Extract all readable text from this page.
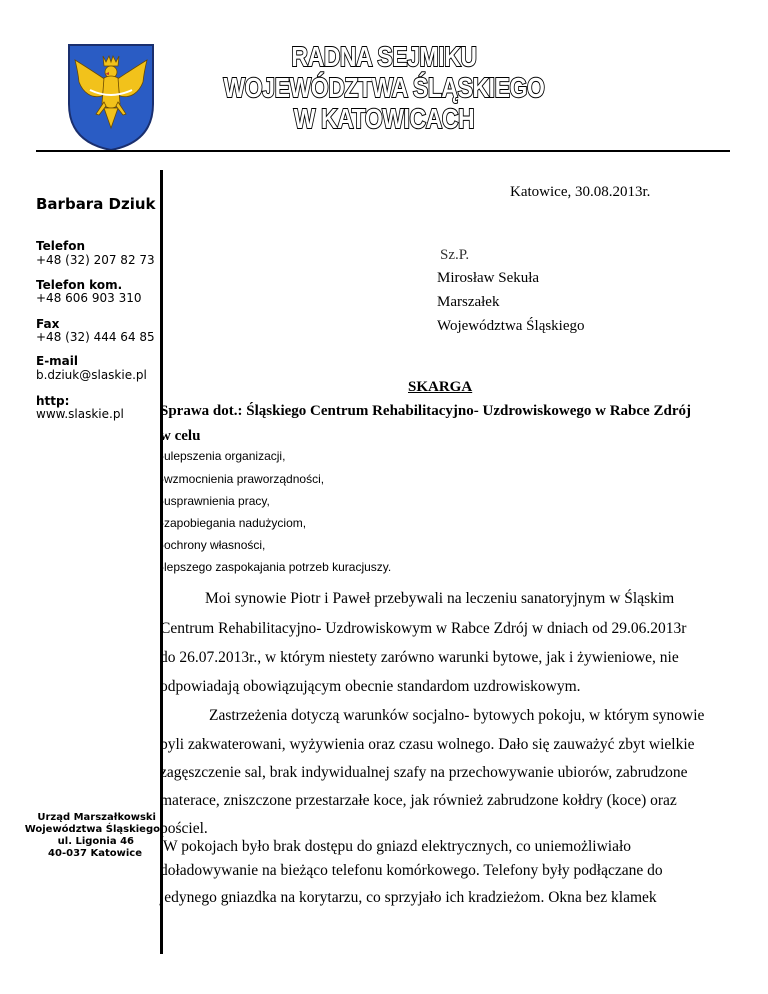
RADNA SEJMIKU
WOJEWÓDZTWA ŚLĄSKIEGO
W KATOWICACH
Barbara Dziuk
Telefon
+48 (32) 207 82 73
Telefon kom.
+48 606 903 310
Fax
+48 (32) 444 64 85
E-mail
b.dziuk@slaskie.pl
http:
www.slaskie.pl
Urząd Marszałkowski
Województwa Śląskiego
ul. Ligonia 46
40-037 Katowice
Katowice, 30.08.2013r.
Sz.P.
Mirosław Sekuła
Marszałek
Województwa Śląskiego
SKARGA
Sprawa dot.: Śląskiego Centrum Rehabilitacyjno- Uzdrowiskowego w Rabce Zdrój
w celu
-ulepszenia organizacji,
-wzmocnienia praworządności,
-usprawnienia pracy,
-zapobiegania nadużyciom,
-ochrony własności,
-lepszego zaspokajania potrzeb kuracjuszy.
Moi synowie Piotr i Paweł przebywali na leczeniu sanatoryjnym w Śląskim
Centrum Rehabilitacyjno- Uzdrowiskowym w Rabce Zdrój w dniach od 29.06.2013r
do 26.07.2013r., w którym niestety zarówno warunki bytowe, jak i żywieniowe, nie
odpowiadają obowiązującym obecnie standardom uzdrowiskowym.
Zastrzeżenia dotyczą warunków socjalno- bytowych pokoju, w którym synowie
byli zakwaterowani, wyżywienia oraz czasu wolnego. Dało się zauważyć zbyt wielkie
zagęszczenie sal, brak indywidualnej szafy na przechowywanie ubiorów, zabrudzone
materace, zniszczone przestarzałe koce, jak również zabrudzone kołdry (koce) oraz
pościel.
W pokojach było brak dostępu do gniazd elektrycznych, co uniemożliwiało
doładowywanie na bieżąco telefonu komórkowego. Telefony były podłączane do
jedynego gniazdka na korytarzu, co sprzyjało ich kradzieżom. Okna bez klamek
